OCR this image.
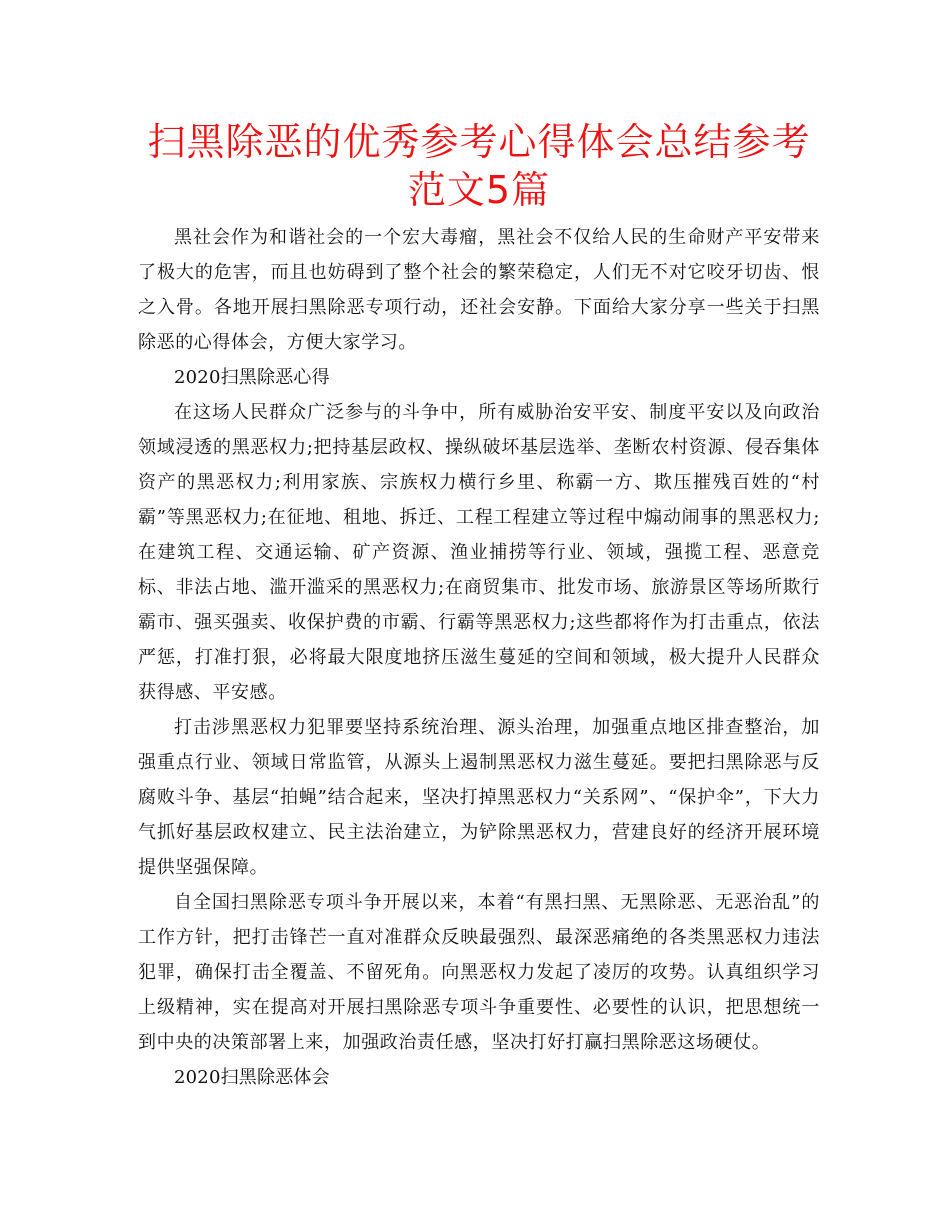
扫黑除恶的优秀参考心得体会总结参考范文5篇

黑社会作为和谐社会的一个宏大毒瘤，黑社会不仅给人民的生命财产平安带来了极大的危害，而且也妨碍到了整个社会的繁荣稳定，人们无不对它咬牙切齿、恨之入骨。各地开展扫黑除恶专项行动，还社会安静。下面给大家分享一些关于扫黑除恶的心得体会，方便大家学习。

2020扫黑除恶心得

在这场人民群众广泛参与的斗争中，所有威胁治安平安、制度平安以及向政治领域浸透的黑恶权力;把持基层政权、操纵破坏基层选举、垄断农村资源、侵吞集体资产的黑恶权力;利用家族、宗族权力横行乡里、称霸一方、欺压摧残百姓的“村霸”等黑恶权力;在征地、租地、拆迁、工程工程建立等过程中煽动闹事的黑恶权力;在建筑工程、交通运输、矿产资源、渔业捕捞等行业、领域，强揽工程、恶意竞标、非法占地、滥开滥采的黑恶权力;在商贸集市、批发市场、旅游景区等场所欺行霸市、强买强卖、收保护费的市霸、行霸等黑恶权力;这些都将作为打击重点，依法严惩，打准打狠，必将最大限度地挤压滋生蔓延的空间和领域，极大提升人民群众获得感、平安感。

打击涉黑恶权力犯罪要坚持系统治理、源头治理，加强重点地区排查整治，加强重点行业、领域日常监管，从源头上遏制黑恶权力滋生蔓延。要把扫黑除恶与反腐败斗争、基层“拍蝇”结合起来，坚决打掉黑恶权力“关系网”、“保护伞”，下大力气抓好基层政权建立、民主法治建立，为铲除黑恶权力，营建良好的经济开展环境提供坚强保障。

自全国扫黑除恶专项斗争开展以来，本着“有黑扫黑、无黑除恶、无恶治乱”的工作方针，把打击锋芒一直对准群众反映最强烈、最深恶痛绝的各类黑恶权力违法犯罪，确保打击全覆盖、不留死角。向黑恶权力发起了凌厉的攻势。认真组织学习上级精神，实在提高对开展扫黑除恶专项斗争重要性、必要性的认识，把思想统一到中央的决策部署上来，加强政治责任感，坚决打好打赢扫黑除恶这场硬仗。

2020扫黑除恶体会
